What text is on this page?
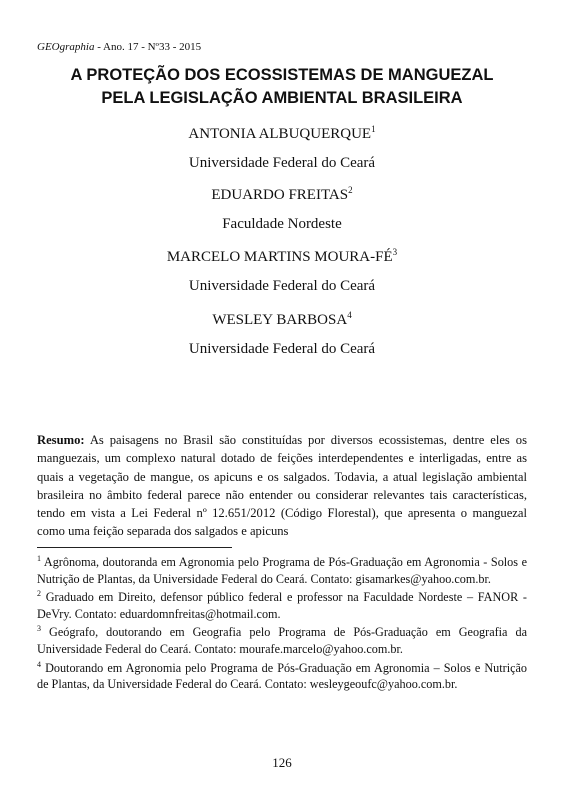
GEOgraphia - Ano. 17 - Nº33 - 2015
A PROTEÇÃO DOS ECOSSISTEMAS DE MANGUEZAL
PELA LEGISLAÇÃO AMBIENTAL BRASILEIRA
ANTONIA ALBUQUERQUE$^1$
Universidade Federal do Ceará
EDUARDO FREITAS$^2$
Faculdade Nordeste
MARCELO MARTINS MOURA-$FÉ^3$
Universidade Federal do Ceará
WESLEY BARBOSA$^4$
Universidade Federal do Ceará
Resumo: As paisagens no Brasil são constituídas por diversos ecossistemas, dentre eles os manguezais, um complexo natural dotado de feições interdependentes e interligadas, entre as quais a vegetação de mangue, os apicuns e os salgados. Todavia, a atual legislação ambiental brasileira no âmbito federal parece não entender ou considerar relevantes tais características, tendo em vista a Lei Federal nº 12.651/2012 (Código Florestal), que apresenta o manguezal como uma feição separada dos salgados e apicuns
$^1$ Agrônoma, doutoranda em Agronomia pelo Programa de Pós-Graduação em Agronomia - Solos e Nutrição de Plantas, da Universidade Federal do Ceará. Contato: gisamarkes@yahoo.com.br.
$^2$ Graduado em Direito, defensor público federal e professor na Faculdade Nordeste – FANOR - DeVry. Contato: eduardomnfreitas@hotmail.com.
$^3$ Geógrafo, doutorando em Geografia pelo Programa de Pós-Graduação em Geografia da Universidade Federal do Ceará. Contato: mourafe.marcelo@yahoo.com.br.
$^4$ Doutorando em Agronomia pelo Programa de Pós-Graduação em Agronomia – Solos e Nutrição de Plantas, da Universidade Federal do Ceará. Contato: wesleygeoufc@yahoo.com.br.
126
